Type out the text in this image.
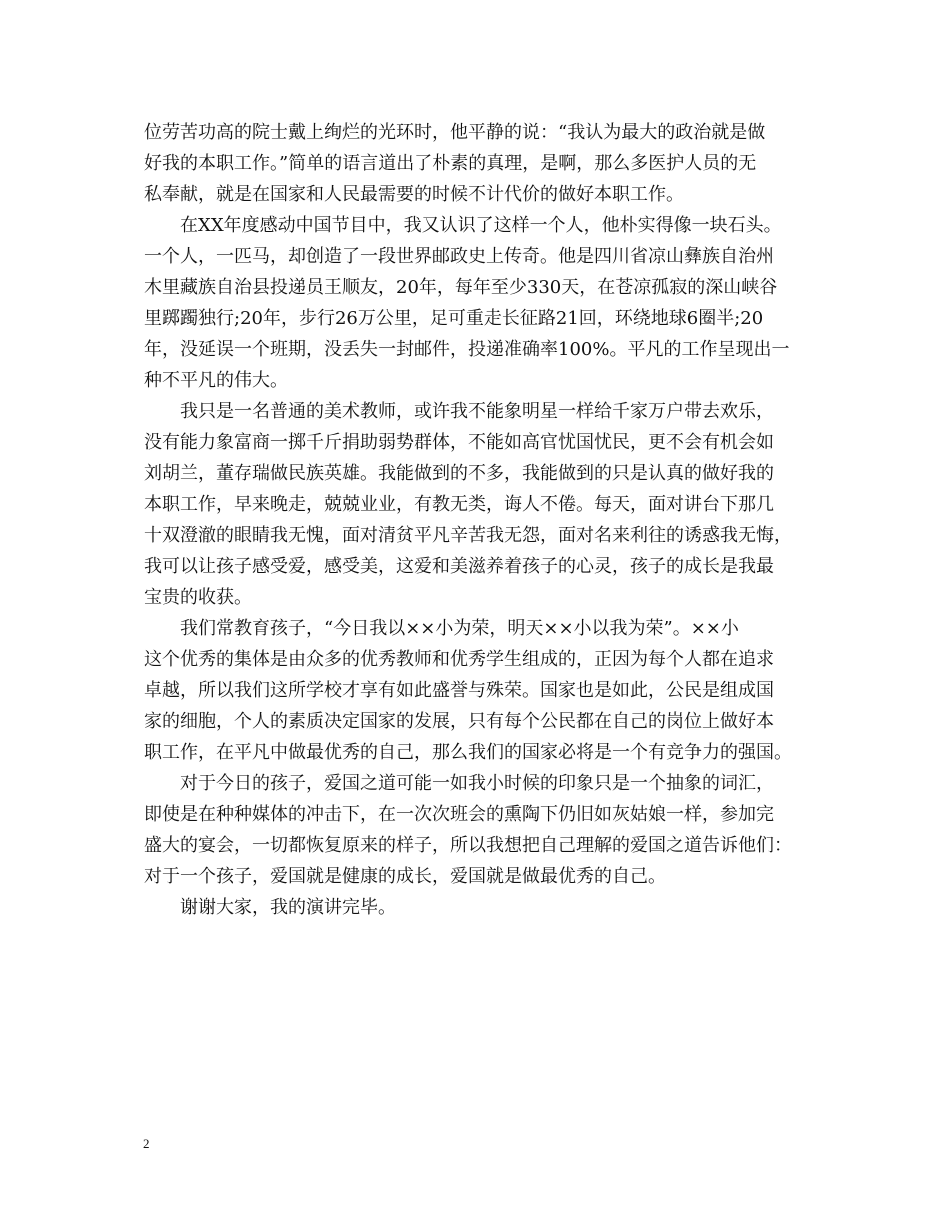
位劳苦功高的院士戴上绚烂的光环时，他平静的说：“我认为最大的政治就是做
好我的本职工作。”简单的语言道出了朴素的真理，是啊，那么多医护人员的无
私奉献，就是在国家和人民最需要的时候不计代价的做好本职工作。
在XX年度感动中国节目中，我又认识了这样一个人，他朴实得像一块石头。
一个人，一匹马，却创造了一段世界邮政史上传奇。他是四川省凉山彝族自治州
木里藏族自治县投递员王顺友，20年，每年至少330天，在苍凉孤寂的深山峡谷
里踯躅独行;20年，步行26万公里，足可重走长征路21回，环绕地球6圈半;20
年，没延误一个班期，没丢失一封邮件，投递准确率100%。平凡的工作呈现出一
种不平凡的伟大。
我只是一名普通的美术教师，或许我不能象明星一样给千家万户带去欢乐，
没有能力象富商一掷千斤捐助弱势群体，不能如高官忧国忧民，更不会有机会如
刘胡兰，董存瑞做民族英雄。我能做到的不多，我能做到的只是认真的做好我的
本职工作，早来晚走，兢兢业业，有教无类，诲人不倦。每天，面对讲台下那几
十双澄澈的眼睛我无愧，面对清贫平凡辛苦我无怨，面对名来利往的诱惑我无悔，
我可以让孩子感受爱，感受美，这爱和美滋养着孩子的心灵，孩子的成长是我最
宝贵的收获。
我们常教育孩子，“今日我以××小为荣，明天××小以我为荣”。××小
这个优秀的集体是由众多的优秀教师和优秀学生组成的，正因为每个人都在追求
卓越，所以我们这所学校才享有如此盛誉与殊荣。国家也是如此，公民是组成国
家的细胞，个人的素质决定国家的发展，只有每个公民都在自己的岗位上做好本
职工作，在平凡中做最优秀的自己，那么我们的国家必将是一个有竞争力的强国。
对于今日的孩子，爱国之道可能一如我小时候的印象只是一个抽象的词汇，
即使是在种种媒体的冲击下，在一次次班会的熏陶下仍旧如灰姑娘一样，参加完
盛大的宴会，一切都恢复原来的样子，所以我想把自己理解的爱国之道告诉他们：
对于一个孩子，爱国就是健康的成长，爱国就是做最优秀的自己。
谢谢大家，我的演讲完毕。
2
